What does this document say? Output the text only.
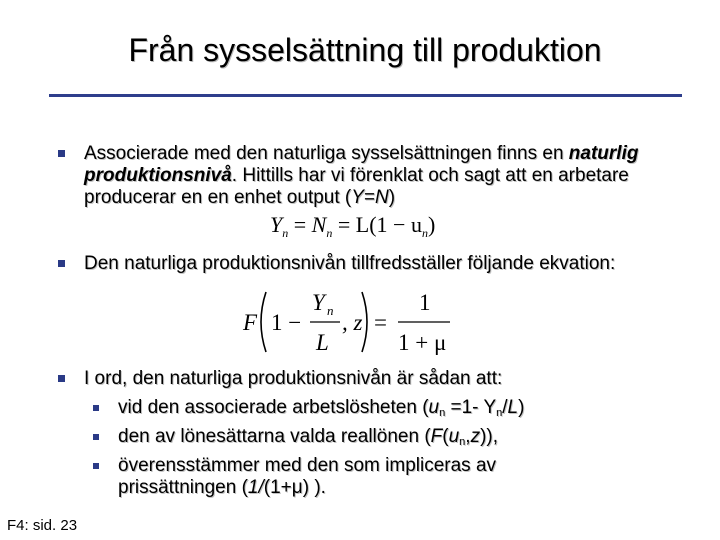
Från sysselsättning till produktion
Associerade med den naturliga sysselsättningen finns en naturlig produktionsnivå. Hittills har vi förenklat och sagt att en arbetare producerar en en enhet output (Y=N)
$Y_n = N_n = L(1 - u_n)$
Den naturliga produktionsnivån tillfredsställer följande ekvation:
F 1 −
Y n
L
, z =
1
1 + μ
I ord, den naturliga produktionsnivån är sådan att:
vid den associerade arbetslösheten ($u_n =1-$ $Y_n/L$)
den av lönesättarna valda reallönen $(F(u_n,z))$,
överensstämmer med den som impliceras av
prissättningen (1/(1+μ) ).
F4: sid. 23
